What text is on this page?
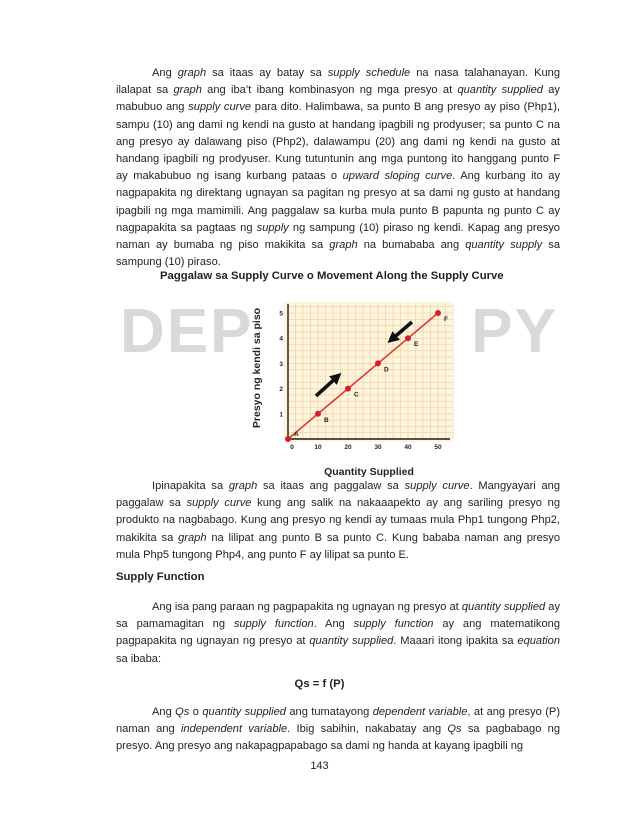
Ang graph sa itaas ay batay sa supply schedule na nasa talahanayan. Kung ilalapat sa graph ang iba’t ibang kombinasyon ng mga presyo at quantity supplied ay mabubuo ang supply curve para dito. Halimbawa, sa punto B ang presyo ay piso (Php1), sampu (10) ang dami ng kendi na gusto at handang ipagbili ng prodyuser; sa punto C na ang presyo ay dalawang piso (Php2), dalawampu (20) ang dami ng kendi na gusto at handang ipagbili ng prodyuser. Kung tutuntunin ang mga puntong ito hanggang punto F ay makabubuo ng isang kurbang pataas o upward sloping curve. Ang kurbang ito ay nagpapakita ng direktang ugnayan sa pagitan ng presyo at sa dami ng gusto at handang ipagbili ng mga mamimili. Ang paggalaw sa kurba mula punto B papunta ng punto C ay nagpapakita sa pagtaas ng supply ng sampung (10) piraso ng kendi. Kapag ang presyo naman ay bumaba ng piso makikita sa graph na bumababa ang quantity supply sa sampung (10) piraso.

Paggalaw sa Supply Curve o Movement Along the Supply Curve

DEP	PY
0	10	20	30	40	50
1
2
3
4
5
A
B
C
D
E
F
Presyo ng kendi sa piso
Quantity Supplied

Ipinapakita sa graph sa itaas ang paggalaw sa supply curve. Mangyayari ang paggalaw sa supply curve kung ang salik na nakaaapekto ay ang sariling presyo ng produkto na nagbabago. Kung ang presyo ng kendi ay tumaas mula Php1 tungong Php2, makikita sa graph na lilipat ang punto B sa punto C. Kung bababa naman ang presyo mula Php5 tungong Php4, ang punto F ay lilipat sa punto E.

Supply Function

Ang isa pang paraan ng pagpapakita ng ugnayan ng presyo at quantity supplied ay sa pamamagitan ng supply function. Ang supply function ay ang matematikong pagpapakita ng ugnayan ng presyo at quantity supplied. Maaari itong ipakita sa equation sa ibaba:

Qs = f (P)

Ang Qs o quantity supplied ang tumatayong dependent variable, at ang presyo (P) naman ang independent variable. Ibig sabihin, nakabatay ang Qs sa pagbabago ng presyo. Ang presyo ang nakapagpapabago sa dami ng handa at kayang ipagbili ng

143
